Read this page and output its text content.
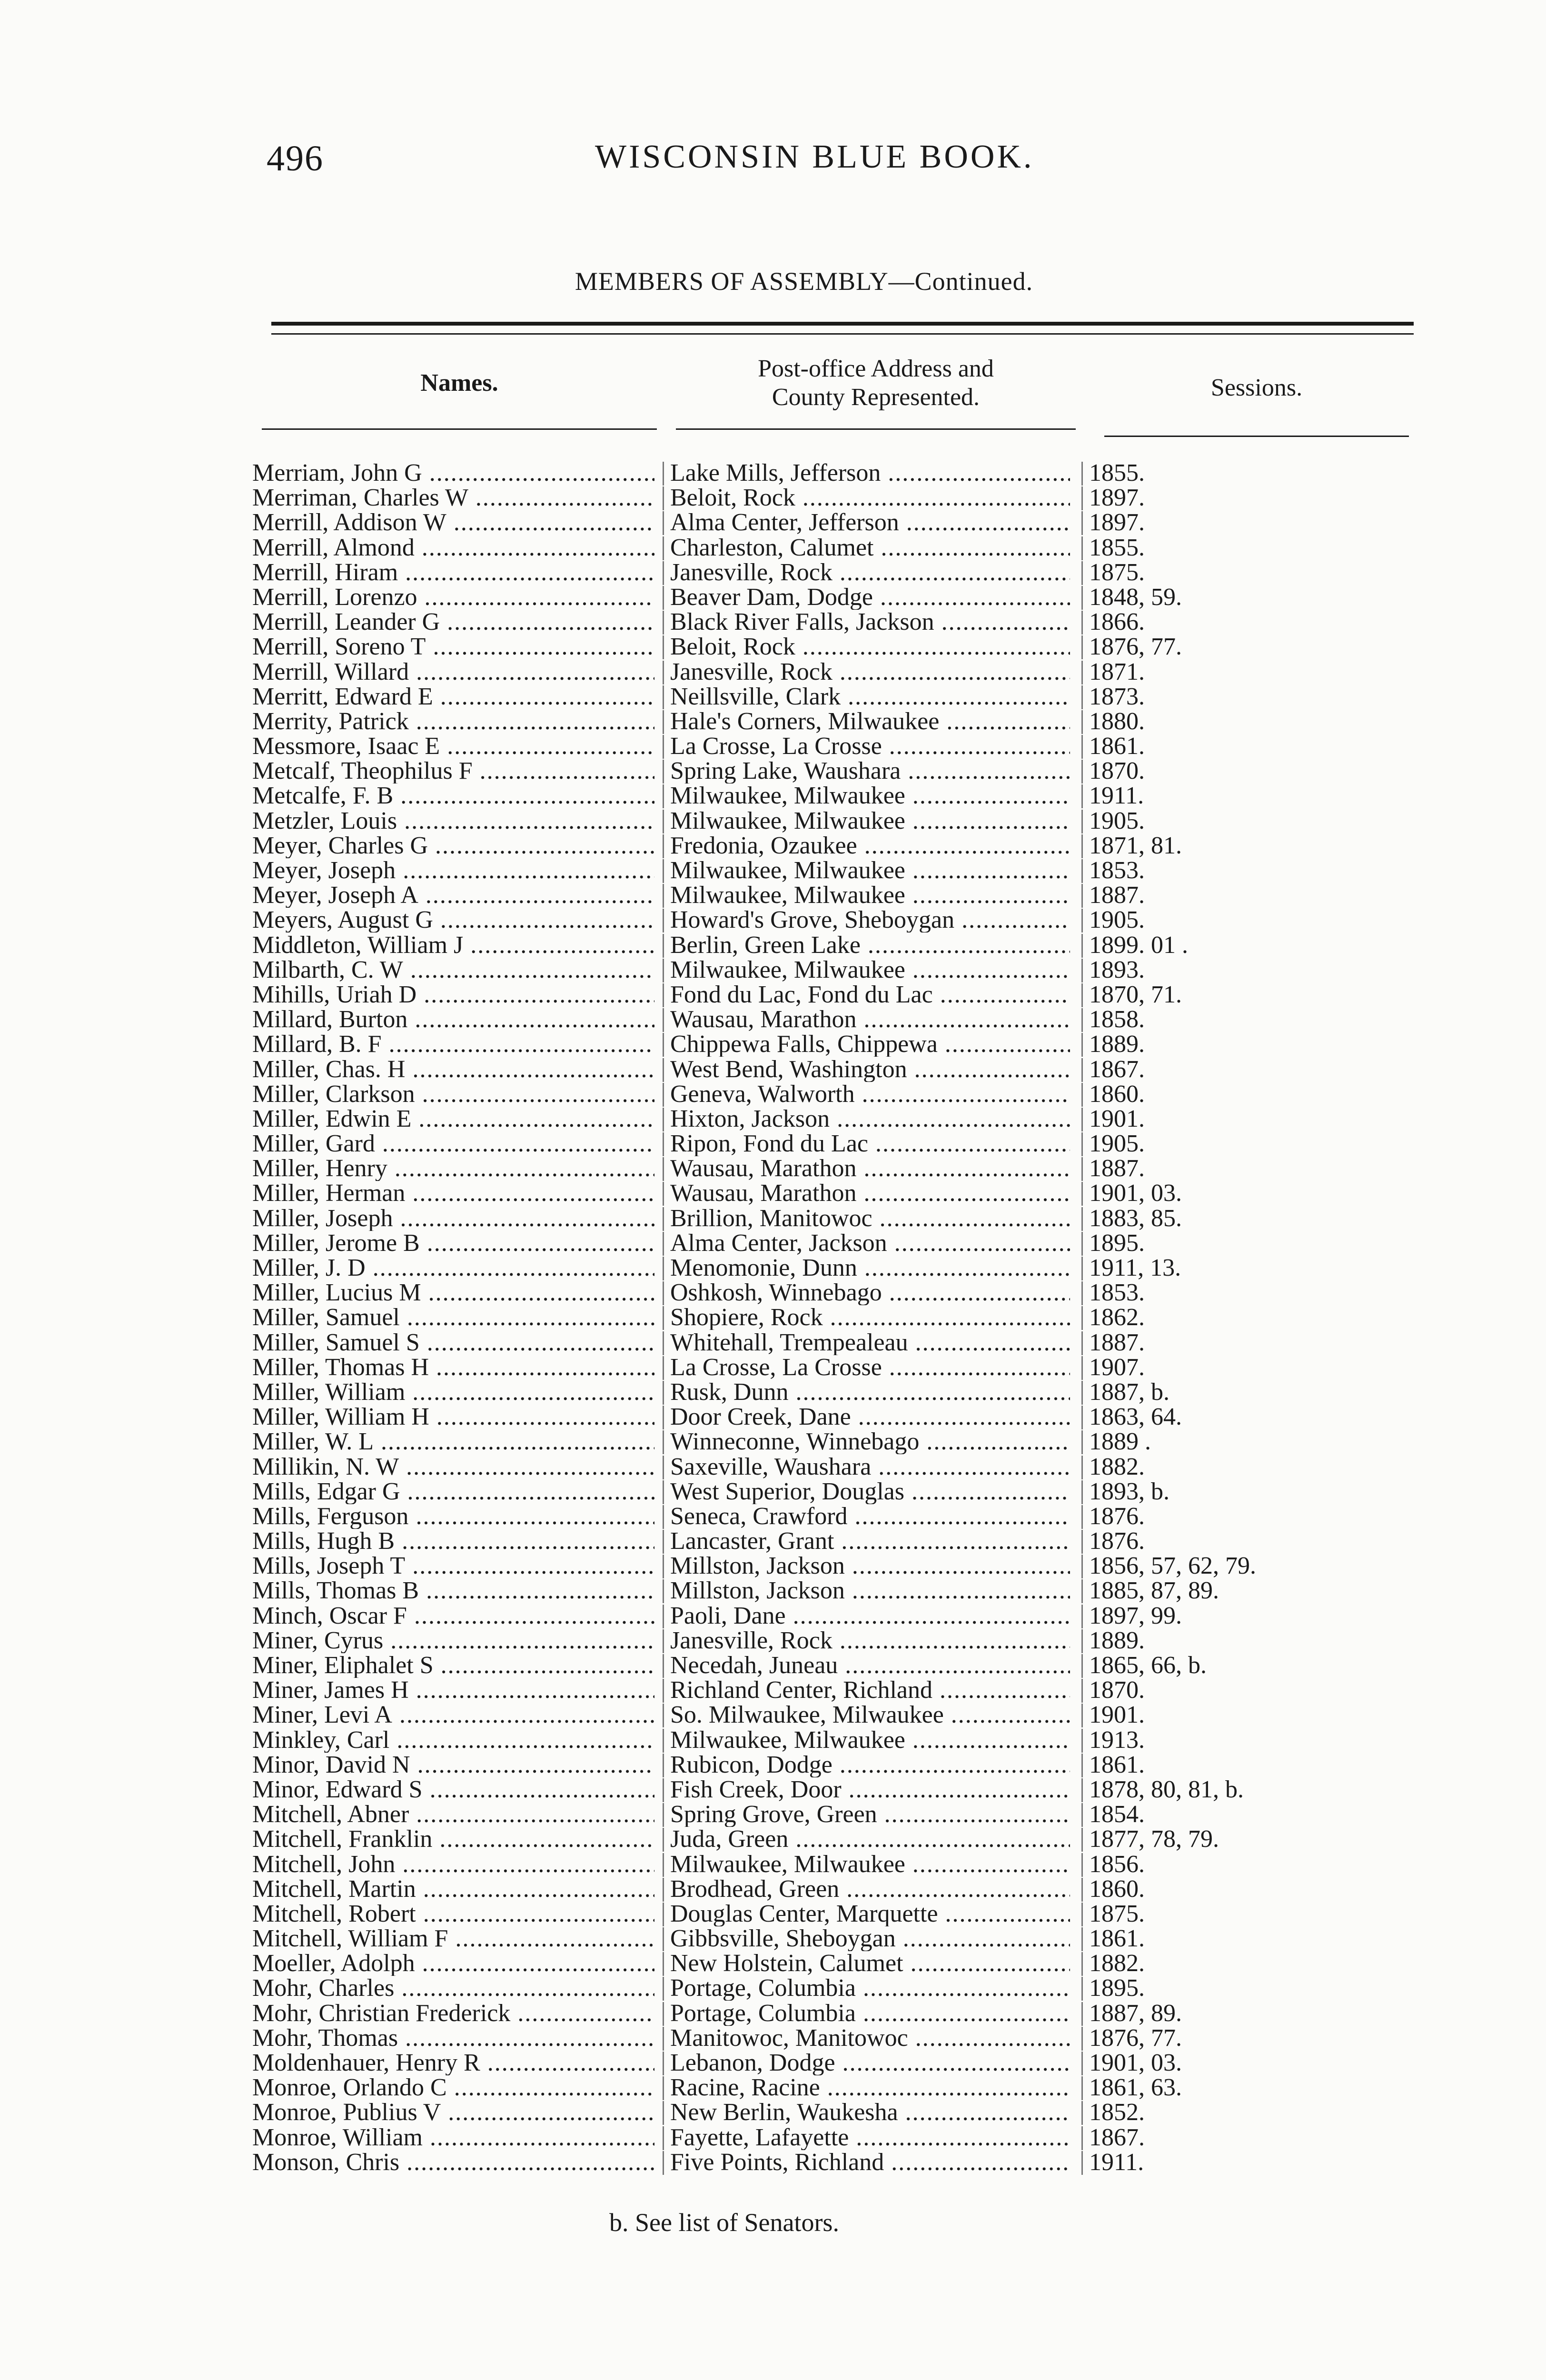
496	WISCONSIN BLUE BOOK.
MEMBERS OF ASSEMBLY—Continued.
Names.
Post-office Address and
County Represented.	Sessions.
Merriam, John G .....	Lake Mills, Jefferson .....	1855.
Merriman, Charles W .....	Beloit, Rock .....	1897.
Merrill, Addison W .....	Alma Center, Jefferson .....	1897.
Merrill, Almond .....	Charleston, Calumet .....	1855.
Merrill, Hiram .....	Janesville, Rock .....	1875.
Merrill, Lorenzo .....	Beaver Dam, Dodge .....	1848, 59.
Merrill, Leander G .....	Black River Falls, Jackson .....	1866.
Merrill, Soreno T .....	Beloit, Rock .....	1876, 77.
Merrill, Willard .....	Janesville, Rock .....	1871.
Merritt, Edward E .....	Neillsville, Clark .....	1873.
Merrity, Patrick .....	Hale's Corners, Milwaukee .....	1880.
Messmore, Isaac E .....	La Crosse, La Crosse .....	1861.
Metcalf, Theophilus F .....	Spring Lake, Waushara .....	1870.
Metcalfe, F. B .....	Milwaukee, Milwaukee .....	1911.
Metzler, Louis .....	Milwaukee, Milwaukee .....	1905.
Meyer, Charles G .....	Fredonia, Ozaukee .....	1871, 81.
Meyer, Joseph .....	Milwaukee, Milwaukee .....	1853.
Meyer, Joseph A .....	Milwaukee, Milwaukee .....	1887.
Meyers, August G .....	Howard's Grove, Sheboygan .....	1905.
Middleton, William J .....	Berlin, Green Lake .....	1899. 01 .
Milbarth, C. W .....	Milwaukee, Milwaukee .....	1893.
Mihills, Uriah D .....	Fond du Lac, Fond du Lac .....	1870, 71.
Millard, Burton .....	Wausau, Marathon .....	1858.
Millard, B. F .....	Chippewa Falls, Chippewa .....	1889.
Miller, Chas. H .....	West Bend, Washington .....	1867.
Miller, Clarkson .....	Geneva, Walworth .....	1860.
Miller, Edwin E .....	Hixton, Jackson .....	1901.
Miller, Gard .....	Ripon, Fond du Lac .....	1905.
Miller, Henry .....	Wausau, Marathon .....	1887.
Miller, Herman .....	Wausau, Marathon .....	1901, 03.
Miller, Joseph .....	Brillion, Manitowoc .....	1883, 85.
Miller, Jerome B .....	Alma Center, Jackson .....	1895.
Miller, J. D .....	Menomonie, Dunn .....	1911, 13.
Miller, Lucius M .....	Oshkosh, Winnebago .....	1853.
Miller, Samuel .....	Shopiere, Rock .....	1862.
Miller, Samuel S .....	Whitehall, Trempealeau .....	1887.
Miller, Thomas H .....	La Crosse, La Crosse .....	1907.
Miller, William .....	Rusk, Dunn .....	1887, b.
Miller, William H .....	Door Creek, Dane .....	1863, 64.
Miller, W. L .....	Winneconne, Winnebago .....	1889 .
Millikin, N. W .....	Saxeville, Waushara .....	1882.
Mills, Edgar G .....	West Superior, Douglas .....	1893, b.
Mills, Ferguson .....	Seneca, Crawford .....	1876.
Mills, Hugh B .....	Lancaster, Grant .....	1876.
Mills, Joseph T .....	Millston, Jackson .....	1856, 57, 62, 79.
Mills, Thomas B .....	Millston, Jackson .....	1885, 87, 89.
Minch, Oscar F .....	Paoli, Dane .....	1897, 99.
Miner, Cyrus .....	Janesville, Rock .....	1889.
Miner, Eliphalet S .....	Necedah, Juneau .....	1865, 66, b.
Miner, James H .....	Richland Center, Richland .....	1870.
Miner, Levi A .....	So. Milwaukee, Milwaukee .....	1901.
Minkley, Carl .....	Milwaukee, Milwaukee .....	1913.
Minor, David N .....	Rubicon, Dodge .....	1861.
Minor, Edward S .....	Fish Creek, Door .....	1878, 80, 81, b.
Mitchell, Abner .....	Spring Grove, Green .....	1854.
Mitchell, Franklin .....	Juda, Green .....	1877, 78, 79.
Mitchell, John .....	Milwaukee, Milwaukee .....	1856.
Mitchell, Martin .....	Brodhead, Green .....	1860.
Mitchell, Robert .....	Douglas Center, Marquette .....	1875.
Mitchell, William F .....	Gibbsville, Sheboygan .....	1861.
Moeller, Adolph .....	New Holstein, Calumet .....	1882.
Mohr, Charles .....	Portage, Columbia .....	1895.
Mohr, Christian Frederick .....	Portage, Columbia .....	1887, 89.
Mohr, Thomas .....	Manitowoc, Manitowoc .....	1876, 77.
Moldenhauer, Henry R .....	Lebanon, Dodge .....	1901, 03.
Monroe, Orlando C .....	Racine, Racine .....	1861, 63.
Monroe, Publius V .....	New Berlin, Waukesha .....	1852.
Monroe, William .....	Fayette, Lafayette .....	1867.
Monson, Chris .....	Five Points, Richland .....	1911.
b. See list of Senators.
